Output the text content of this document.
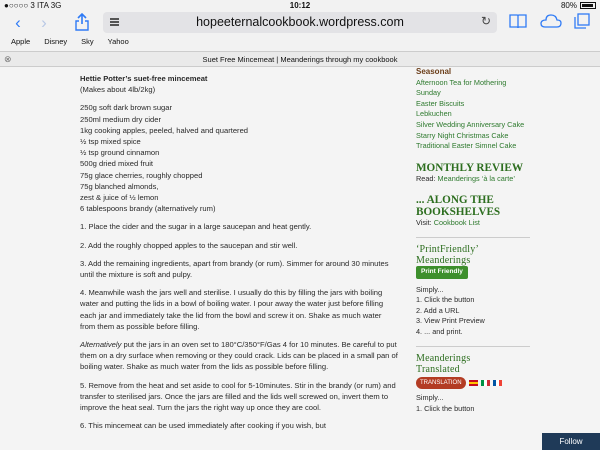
●○○○○ 3 ITA 3G	10:12	80%
‹	›	hopeeternalcookbook.wordpress.com	↻
Apple Disney Sky Yahoo
⊗	Suet Free Mincemeat | Meanderings through my cookbook
Hettie Potter’s suet-free mincemeat

(Makes about 4lb/2kg)

250g soft dark brown sugar
250ml medium dry cider
1kg cooking apples, peeled, halved and quartered
½ tsp mixed spice
½ tsp ground cinnamon
500g dried mixed fruit
75g glace cherries, roughly chopped
75g blanched almonds,
zest & juice of ½ lemon
6 tablespoons brandy (alternatively rum)

1. Place the cider and the sugar in a large saucepan and heat gently.

2. Add the roughly chopped apples to the saucepan and stir well.

3. Add the remaining ingredients, apart from brandy (or rum). Simmer for around 30 minutes until the mixture is soft and pulpy.

4. Meanwhile wash the jars well and sterilise. I usually do this by filling the jars with boiling water and putting the lids in a bowl of boiling water. I pour away the water just before filling each jar and immediately take the lid from the bowl and screw it on. Shake as much water from them as possible before filling.

Alternatively put the jars in an oven set to 180°C/350°F/Gas 4 for 10 minutes. Be careful to put them on a dry surface when removing or they could crack. Lids can be placed in a small pan of boiling water. Shake as much water from the lids as possible before filling.

5. Remove from the heat and set aside to cool for 5-10minutes. Stir in the brandy (or rum) and transfer to sterilised jars. Once the jars are filled and the lids well screwed on, invert them to improve the heat seal. Turn the jars the right way up once they are cool.

6. This mincemeat can be used immediately after cooking if you wish, but

Seasonal
Afternoon Tea for Mothering Sunday
Easter Biscuits
Lebkuchen
Silver Wedding Anniversary Cake
Starry Night Christmas Cake
Traditional Easter Simnel Cake
MONTHLY REVIEW
Read: Meanderings ‘à la carte’
... ALONG THE BOOKSHELVES
Visit: Cookbook List
‘PrintFriendly’
Meanderings
Print Friendly
Simply...
1. Click the button
2. Add a URL
3. View Print Preview
4. ... and print.
Meanderings
Translated
TRANSLATION
Simply...
1. Click the button
Follow
